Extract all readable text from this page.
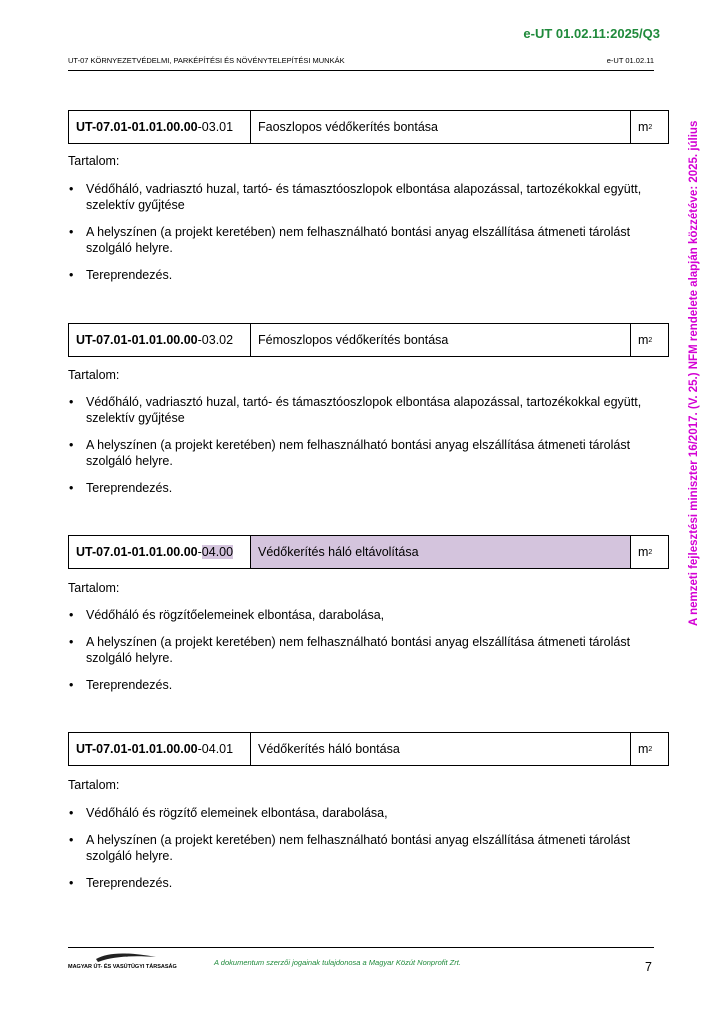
e-UT 01.02.11:2025/Q3
UT-07 KÖRNYEZETVÉDELMI, PARKÉPÍTÉSI ÉS NÖVÉNYTELEPÍTÉSI MUNKÁK	e-UT 01.02.11
A nemzeti fejlesztési miniszter 16/2017. (V. 25.) NFM rendelete alapján közzétéve: 2025. július
UT-07.01-01.01.00.00 -03.01	Faoszlopos védőkerítés bontása	m 2
Tartalom:
• Védőháló, vadriasztó huzal, tartó- és támasztóoszlopok elbontása alapozással, tartozékokkal együtt, szelektív gyűjtése
• A helyszínen (a projekt keretében) nem felhasználható bontási anyag elszállítása átmeneti tárolást szolgáló helyre.
• Tereprendezés.
UT-07.01-01.01.00.00 -03.02	Fémoszlopos védőkerítés bontása	m 2
Tartalom:
• Védőháló, vadriasztó huzal, tartó- és támasztóoszlopok elbontása alapozással, tartozékokkal együtt, szelektív gyűjtése
• A helyszínen (a projekt keretében) nem felhasználható bontási anyag elszállítása átmeneti tárolást szolgáló helyre.
• Tereprendezés.
UT-07.01-01.01.00.00 - 04.00	Védőkerítés háló eltávolítása	m 2
Tartalom:
• Védőháló és rögzítőelemeinek elbontása, darabolása,
• A helyszínen (a projekt keretében) nem felhasználható bontási anyag elszállítása átmeneti tárolást szolgáló helyre.
• Tereprendezés.
UT-07.01-01.01.00.00 -04.01	Védőkerítés háló bontása	m 2
Tartalom:
• Védőháló és rögzítő elemeinek elbontása, darabolása,
• A helyszínen (a projekt keretében) nem felhasználható bontási anyag elszállítása átmeneti tárolást szolgáló helyre.
• Tereprendezés.
MAGYAR ÚT- ÉS VASÚTÜGYI TÁRSASÁG	A dokumentum szerzői jogainak tulajdonosa a Magyar Közút Nonprofit Zrt.	7
